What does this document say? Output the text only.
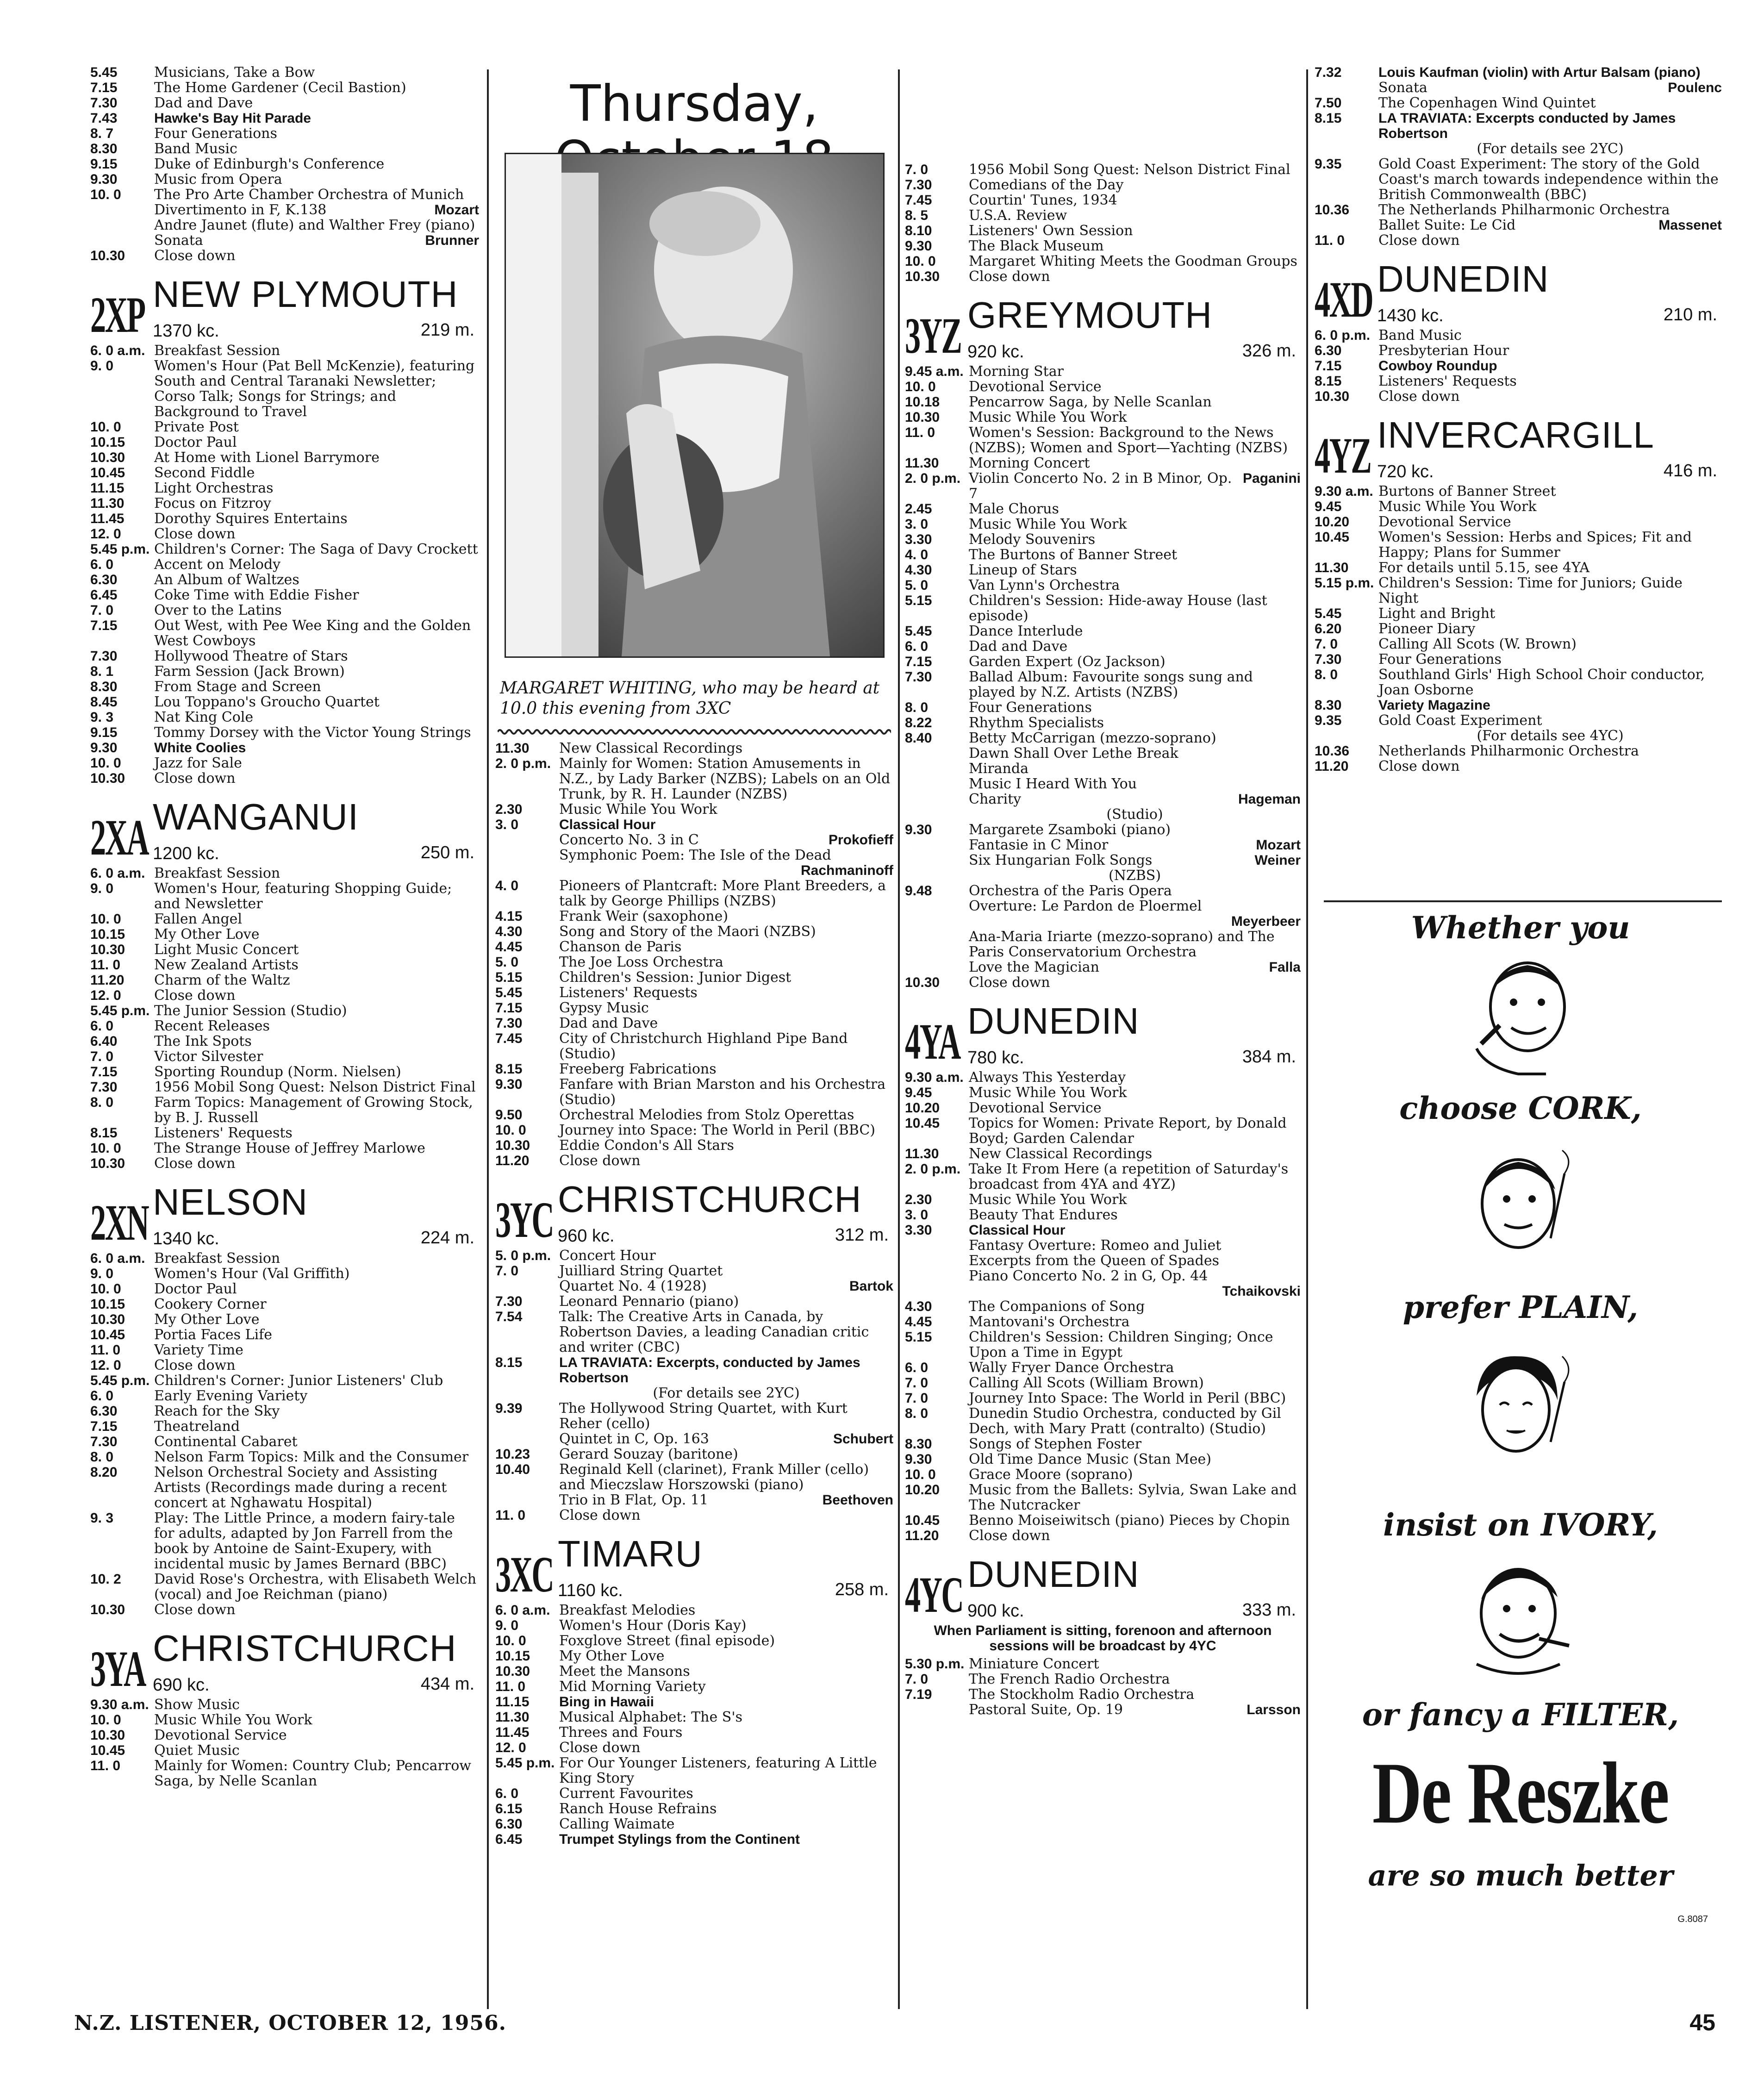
Thursday,
5.45	Musicians, Take a Bow
7.15	The Home Gardener (Cecil Bastion)
7.30	Dad and Dave
7.43	Hawke's Bay Hit Parade
8. 7	Four Generations
8.30	Band Music
9.15	Duke of Edinburgh's Conference
9.30	Music from Opera
10. 0	The Pro Arte Chamber Orchestra of Munich
Divertimento in F, K.138	Mozart
Andre Jaunet (flute) and Walther Frey (piano)
Sonata	Brunner
10.30	Close down
2XP NEW PLYMOUTH
1370 kc.	219 m.
6. 0 a.m. Breakfast Session
9. 0	Women's Hour (Pat Bell McKenzie), featuring South and Central Taranaki Newsletter; Corso Talk; Songs for Strings; and Background to Travel
10. 0	Private Post
10.15	Doctor Paul
10.30	At Home with Lionel Barrymore
10.45	Second Fiddle
11.15	Light Orchestras
11.30	Focus on Fitzroy
11.45	Dorothy Squires Entertains
12. 0	Close down
5.45 p.m. Children's Corner: The Saga of Davy Crockett
6. 0	Accent on Melody
6.30	An Album of Waltzes
6.45	Coke Time with Eddie Fisher
7. 0	Over to the Latins
7.15	Out West, with Pee Wee King and the Golden West Cowboys
7.30	Hollywood Theatre of Stars
8. 1	Farm Session (Jack Brown)
8.30	From Stage and Screen
8.45	Lou Toppano's Groucho Quartet
9. 3	Nat King Cole
9.15	Tommy Dorsey with the Victor Young Strings
9.30	White Coolies
10. 0	Jazz for Sale
10.30	Close down
2XA WANGANUI
1200 kc.	250 m.
6. 0 a.m. Breakfast Session
9. 0	Women's Hour, featuring Shopping Guide; and Newsletter
10. 0	Fallen Angel
10.15	My Other Love
10.30	Light Music Concert
11. 0	New Zealand Artists
11.20	Charm of the Waltz
12. 0	Close down
5.45 p.m. The Junior Session (Studio)
6. 0	Recent Releases
6.40	The Ink Spots
7. 0	Victor Silvester
7.15	Sporting Roundup (Norm. Nielsen)
7.30	1956 Mobil Song Quest: Nelson District Final
8. 0	Farm Topics: Management of Growing Stock, by B. J. Russell
8.15	Listeners' Requests
10. 0	The Strange House of Jeffrey Marlowe
10.30	Close down
2XN NELSON
1340 kc.	224 m.
6. 0 a.m. Breakfast Session
9. 0	Women's Hour (Val Griffith)
10. 0	Doctor Paul
10.15	Cookery Corner
10.30	My Other Love
10.45	Portia Faces Life
11. 0	Variety Time
12. 0	Close down
5.45 p.m. Children's Corner: Junior Listeners' Club
6. 0	Early Evening Variety
6.30	Reach for the Sky
7.15	Theatreland
7.30	Continental Cabaret
8. 0	Nelson Farm Topics: Milk and the Consumer
8.20	Nelson Orchestral Society and Assisting Artists (Recordings made during a recent concert at Nghawatu Hospital)
9. 3	Play: The Little Prince, a modern fairy-tale for adults, adapted by Jon Farrell from the book by Antoine de Saint-Exupery, with incidental music by James Bernard (BBC)
10. 2	David Rose's Orchestra, with Elisabeth Welch (vocal) and Joe Reichman (piano)
10.30	Close down
3YA CHRISTCHURCH
690 kc.	434 m.
9.30 a.m. Show Music
10. 0	Music While You Work
10.30	Devotional Service
10.45	Quiet Music
11. 0	Mainly for Women: Country Club; Pencarrow Saga, by Nelle Scanlan
MARGARET WHITING, who may be heard at 10.0 this evening from 3XC
11.30	New Classical Recordings
2. 0 p.m. Mainly for Women: Station Amusements in N.Z., by Lady Barker (NZBS); Labels on an Old Trunk, by R. H. Launder (NZBS)
2.30	Music While You Work
3. 0	Classical Hour
Concerto No. 3 in C	Prokofieff
Symphonic Poem: The Isle of the Dead
Rachmaninoff
4. 0	Pioneers of Plantcraft: More Plant Breeders, a talk by George Phillips (NZBS)
4.15	Frank Weir (saxophone)
4.30	Song and Story of the Maori (NZBS)
4.45	Chanson de Paris
5. 0	The Joe Loss Orchestra
5.15	Children's Session: Junior Digest
5.45	Listeners' Requests
7.15	Gypsy Music
7.30	Dad and Dave
7.45	City of Christchurch Highland Pipe Band (Studio)
8.15	Freeberg Fabrications
9.30	Fanfare with Brian Marston and his Orchestra (Studio)
9.50	Orchestral Melodies from Stolz Operettas
10. 0	Journey into Space: The World in Peril (BBC)
10.30	Eddie Condon's All Stars
11.20	Close down
3YC CHRISTCHURCH
960 kc.	312 m.
5. 0 p.m. Concert Hour
7. 0	Juilliard String Quartet
Quartet No. 4 (1928)	Bartok
7.30	Leonard Pennario (piano)
7.54	Talk: The Creative Arts in Canada, by Robertson Davies, a leading Canadian critic and writer (CBC)
8.15	LA TRAVIATA: Excerpts, conducted by James Robertson
(For details see 2YC)
9.39	The Hollywood String Quartet, with Kurt Reher (cello)
Quintet in C, Op. 163	Schubert
10.23	Gerard Souzay (baritone)
10.40	Reginald Kell (clarinet), Frank Miller (cello) and Mieczslaw Horszowski (piano)
Trio in B Flat, Op. 11	Beethoven
11. 0	Close down
3XC TIMARU
1160 kc.	258 m.
6. 0 a.m. Breakfast Melodies
9. 0	Women's Hour (Doris Kay)
10. 0	Foxglove Street (final episode)
10.15	My Other Love
10.30	Meet the Mansons
11. 0	Mid Morning Variety
11.15	Bing in Hawaii
11.30	Musical Alphabet: The S's
11.45	Threes and Fours
12. 0	Close down
5.45 p.m. For Our Younger Listeners, featuring A Little King Story
6. 0	Current Favourites
6.15	Ranch House Refrains
6.30	Calling Waimate
6.45	Trumpet Stylings from the Continent
7. 0	1956 Mobil Song Quest: Nelson District Final
7.30	Comedians of the Day
7.45	Courtin' Tunes, 1934
8. 5	U.S.A. Review
8.10	Listeners' Own Session
9.30	The Black Museum
10. 0	Margaret Whiting Meets the Goodman Groups
10.30	Close down
3YZ GREYMOUTH
920 kc.	326 m.
9.45 a.m. Morning Star
10. 0	Devotional Service
10.18	Pencarrow Saga, by Nelle Scanlan
10.30	Music While You Work
11. 0	Women's Session: Background to the News (NZBS); Women and Sport—Yachting (NZBS)
11.30	Morning Concert
2. 0 p.m. Violin Concerto No. 2 in B Minor, Op. 7
Paganini
2.45	Male Chorus
3. 0	Music While You Work
3.30	Melody Souvenirs
4. 0	The Burtons of Banner Street
4.30	Lineup of Stars
5. 0	Van Lynn's Orchestra
5.15	Children's Session: Hide-away House (last episode)
5.45	Dance Interlude
6. 0	Dad and Dave
7.15	Garden Expert (Oz Jackson)
7.30	Ballad Album: Favourite songs sung and played by N.Z. Artists (NZBS)
8. 0	Four Generations
8.22	Rhythm Specialists
8.40	Betty McCarrigan (mezzo-soprano)
Dawn Shall Over Lethe Break
Miranda
Music I Heard With You
Charity	Hageman
(Studio)
9.30	Margarete Zsamboki (piano)
Fantasie in C Minor	Mozart
Six Hungarian Folk Songs	Weiner
(NZBS)
9.48	Orchestra of the Paris Opera
Overture: Le Pardon de Ploermel
Meyerbeer
Ana-Maria Iriarte (mezzo-soprano) and The Paris Conservatorium Orchestra
Love the Magician	Falla
10.30	Close down
4YA DUNEDIN
780 kc.	384 m.
9.30 a.m. Always This Yesterday
9.45	Music While You Work
10.20	Devotional Service
10.45	Topics for Women: Private Report, by Donald Boyd; Garden Calendar
11.30	New Classical Recordings
2. 0 p.m. Take It From Here (a repetition of Saturday's broadcast from 4YA and 4YZ)
2.30	Music While You Work
3. 0	Beauty That Endures
3.30	Classical Hour
Fantasy Overture: Romeo and Juliet
Excerpts from the Queen of Spades
Piano Concerto No. 2 in G, Op. 44
Tchaikovski
4.30	The Companions of Song
4.45	Mantovani's Orchestra
5.15	Children's Session: Children Singing; Once Upon a Time in Egypt
6. 0	Wally Fryer Dance Orchestra
7. 0	Calling All Scots (William Brown)
7. 0	Journey Into Space: The World in Peril (BBC)
8. 0	Dunedin Studio Orchestra, conducted by Gil Dech, with Mary Pratt (contralto) (Studio)
8.30	Songs of Stephen Foster
9.30	Old Time Dance Music (Stan Mee)
10. 0	Grace Moore (soprano)
10.20	Music from the Ballets: Sylvia, Swan Lake and The Nutcracker
10.45	Benno Moiseiwitsch (piano) Pieces by Chopin
11.20	Close down
4YC DUNEDIN
900 kc.	333 m.
When Parliament is sitting, forenoon and afternoon sessions will be broadcast by 4YC
5.30 p.m. Miniature Concert
7. 0	The French Radio Orchestra
7.19	The Stockholm Radio Orchestra
Pastoral Suite, Op. 19	Larsson
7.32	Louis Kaufman (violin) with Artur Balsam (piano)
Sonata	Poulenc
7.50	The Copenhagen Wind Quintet
8.15	LA TRAVIATA: Excerpts conducted by James Robertson
(For details see 2YC)
9.35	Gold Coast Experiment: The story of the Gold Coast's march towards independence within the British Commonwealth (BBC)
10.36	The Netherlands Philharmonic Orchestra
Ballet Suite: Le Cid	Massenet
11. 0	Close down
4XD DUNEDIN
1430 kc.	210 m.
6. 0 p.m. Band Music
6.30	Presbyterian Hour
7.15	Cowboy Roundup
8.15	Listeners' Requests
10.30	Close down
4YZ INVERCARGILL
720 kc.	416 m.
9.30 a.m. Burtons of Banner Street
9.45	Music While You Work
10.20	Devotional Service
10.45	Women's Session: Herbs and Spices; Fit and Happy; Plans for Summer
11.30	For details until 5.15, see 4YA
5.15 p.m. Children's Session: Time for Juniors; Guide Night
5.45	Light and Bright
6.20	Pioneer Diary
7. 0	Calling All Scots (W. Brown)
7.30	Four Generations
8. 0	Southland Girls' High School Choir conductor, Joan Osborne
8.30	Variety Magazine
9.35	Gold Coast Experiment
(For details see 4YC)
10.36	Netherlands Philharmonic Orchestra
11.20	Close down
Whether you
choose CORK,
prefer PLAIN,
insist on IVORY,
or fancy a FILTER,
De Reszke
are so much better
G.8087
N.Z. LISTENER, OCTOBER 12, 1956.	45
